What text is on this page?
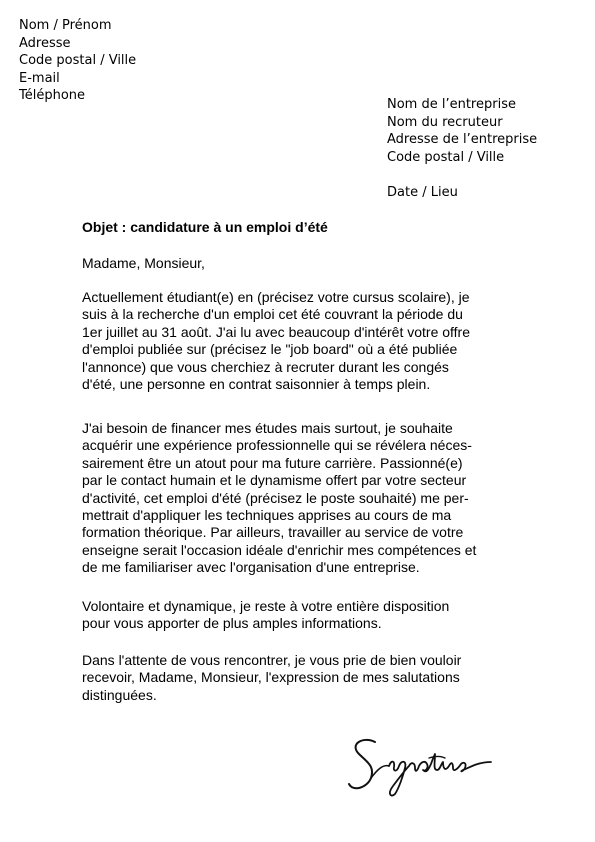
Nom / Prénom
Adresse
Code postal / Ville
E-mail
Téléphone
Nom de l’entreprise
Nom du recruteur
Adresse de l’entreprise
Code postal / Ville
Date / Lieu
Objet : candidature à un emploi d’été
Madame, Monsieur,
Actuellement étudiant(e) en (précisez votre cursus scolaire), je
suis à la recherche d'un emploi cet été couvrant la période du
1er juillet au 31 août. J'ai lu avec beaucoup d'intérêt votre offre
d'emploi publiée sur (précisez le "job board" où a été publiée
l'annonce) que vous cherchiez à recruter durant les congés
d'été, une personne en contrat saisonnier à temps plein.
J'ai besoin de financer mes études mais surtout, je souhaite
acquérir une expérience professionnelle qui se révélera néces-
sairement être un atout pour ma future carrière. Passionné(e)
par le contact humain et le dynamisme offert par votre secteur
d'activité, cet emploi d'été (précisez le poste souhaité) me per-
mettrait d'appliquer les techniques apprises au cours de ma
formation théorique. Par ailleurs, travailler au service de votre
enseigne serait l'occasion idéale d'enrichir mes compétences et
de me familiariser avec l'organisation d'une entreprise.
Volontaire et dynamique, je reste à votre entière disposition
pour vous apporter de plus amples informations.
Dans l'attente de vous rencontrer, je vous prie de bien vouloir
recevoir, Madame, Monsieur, l'expression de mes salutations
distinguées.
